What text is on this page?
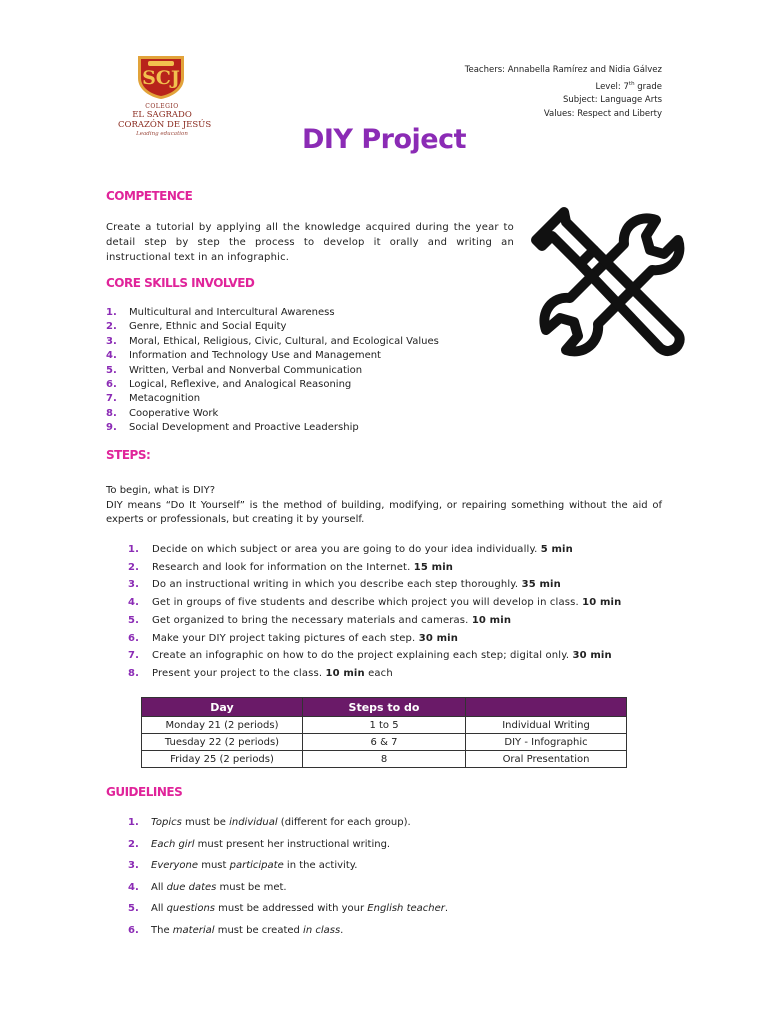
SCJ
COLEGIO
EL SAGRADO
CORAZÓN DE JESÚS
Leading education
Teachers: Annabella Ramírez and Nidia Gálvez
Level: 7th grade
Subject: Language Arts
Values: Respect and Liberty
DIY Project
COMPETENCE
Create a tutorial by applying all the knowledge acquired during the year to detail step by step the process to develop it orally and writing an instructional text in an infographic.
CORE SKILLS INVOLVED
1. Multicultural and Intercultural Awareness
2. Genre, Ethnic and Social Equity
3. Moral, Ethical, Religious, Civic, Cultural, and Ecological Values
4. Information and Technology Use and Management
5. Written, Verbal and Nonverbal Communication
6. Logical, Reflexive, and Analogical Reasoning
7. Metacognition
8. Cooperative Work
9. Social Development and Proactive Leadership
STEPS:
To begin, what is DIY?
DIY means “Do It Yourself” is the method of building, modifying, or repairing something without the aid of experts or professionals, but creating it by yourself.
1. Decide on which subject or area you are going to do your idea individually. 5 min
2. Research and look for information on the Internet. 15 min
3. Do an instructional writing in which you describe each step thoroughly. 35 min
4. Get in groups of five students and describe which project you will develop in class. 10 min
5. Get organized to bring the necessary materials and cameras. 10 min
6. Make your DIY project taking pictures of each step. 30 min
7. Create an infographic on how to do the project explaining each step; digital only. 30 min
8. Present your project to the class. 10 min each
Day	Steps to do	
Monday 21 (2 periods)	1 to 5	Individual Writing
Tuesday 22 (2 periods)	6 & 7	DIY - Infographic
Friday 25 (2 periods)	8	Oral Presentation
GUIDELINES
1. Topics must be individual (different for each group).
2. Each girl must present her instructional writing.
3. Everyone must participate in the activity.
4. All due dates must be met.
5. All questions must be addressed with your English teacher.
6. The material must be created in class.
